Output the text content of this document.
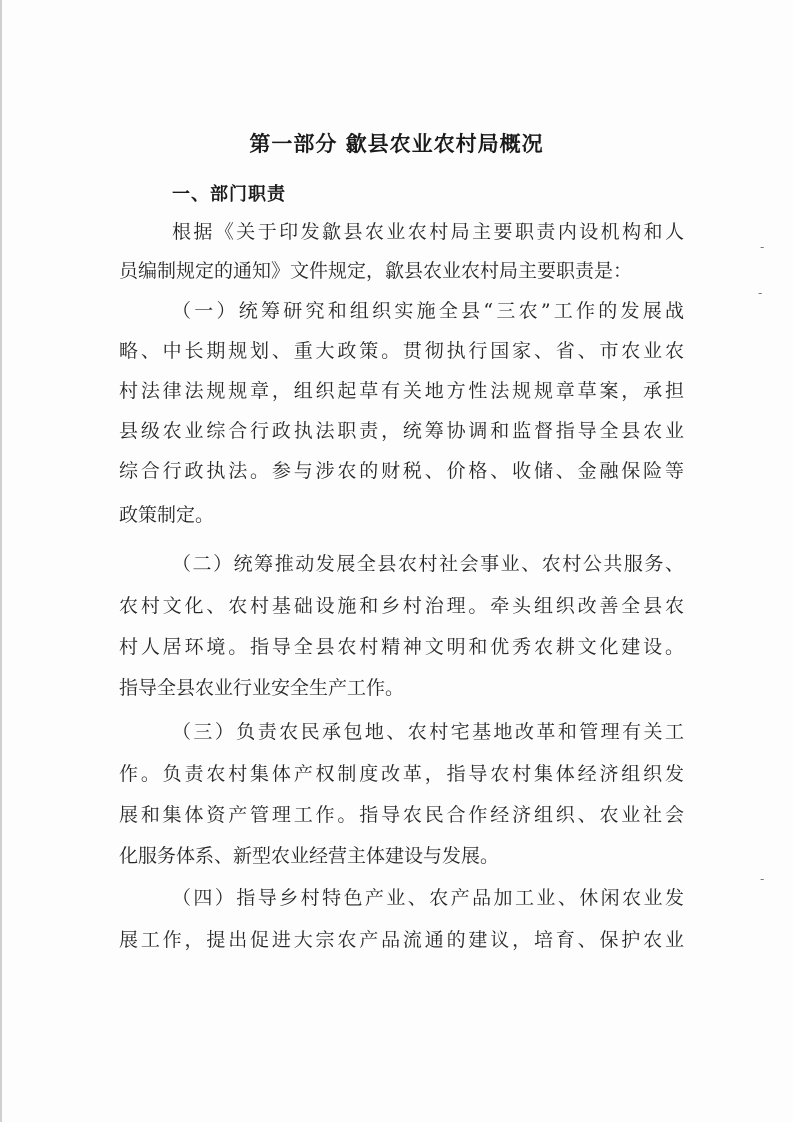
第一部分 歙县农业农村局概况
一、部门职责
根据《关于印发歙县农业农村局主要职责内设机构和人
员编制规定的通知》文件规定，歙县农业农村局主要职责是：
（一）统筹研究和组织实施全县“三农”工作的发展战
略、中长期规划、重大政策。贯彻执行国家、省、市农业农
村法律法规规章，组织起草有关地方性法规规章草案，承担
县级农业综合行政执法职责，统筹协调和监督指导全县农业
综合行政执法。参与涉农的财税、价格、收储、金融保险等
政策制定。
（二）统筹推动发展全县农村社会事业、农村公共服务、
农村文化、农村基础设施和乡村治理。牵头组织改善全县农
村人居环境。指导全县农村精神文明和优秀农耕文化建设。
指导全县农业行业安全生产工作。
（三）负责农民承包地、农村宅基地改革和管理有关工
作。负责农村集体产权制度改革，指导农村集体经济组织发
展和集体资产管理工作。指导农民合作经济组织、农业社会
化服务体系、新型农业经营主体建设与发展。
（四）指导乡村特色产业、农产品加工业、休闲农业发
展工作，提出促进大宗农产品流通的建议，培育、保护农业
-
-
-
